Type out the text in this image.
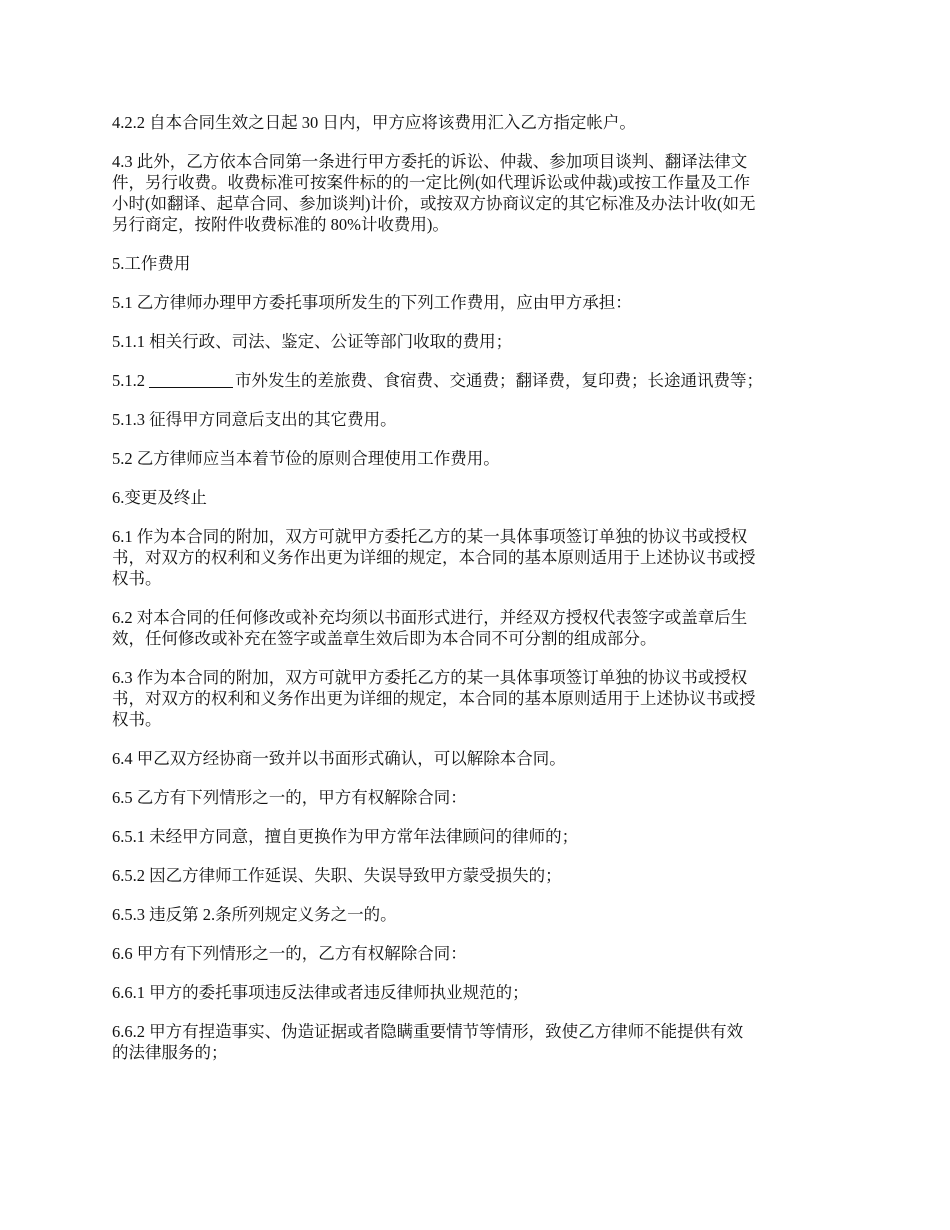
4.2.2 自本合同生效之日起 30 日内，甲方应将该费用汇入乙方指定帐户。

4.3 此外，乙方依本合同第一条进行甲方委托的诉讼、仲裁、参加项目谈判、翻译法律文
件，另行收费。收费标准可按案件标的的一定比例(如代理诉讼或仲裁)或按工作量及工作
小时(如翻译、起草合同、参加谈判)计价，或按双方协商议定的其它标准及办法计收(如无
另行商定，按附件收费标准的 80%计收费用)。

5.工作费用

5.1 乙方律师办理甲方委托事项所发生的下列工作费用，应由甲方承担：

5.1.1 相关行政、司法、鉴定、公证等部门收取的费用；

5.1.2	市外发生的差旅费、食宿费、交通费；翻译费，复印费；长途通讯费等；

5.1.3 征得甲方同意后支出的其它费用。

5.2 乙方律师应当本着节俭的原则合理使用工作费用。

6.变更及终止

6.1 作为本合同的附加，双方可就甲方委托乙方的某一具体事项签订单独的协议书或授权
书，对双方的权利和义务作出更为详细的规定，本合同的基本原则适用于上述协议书或授
权书。

6.2 对本合同的任何修改或补充均须以书面形式进行，并经双方授权代表签字或盖章后生
效，任何修改或补充在签字或盖章生效后即为本合同不可分割的组成部分。

6.3 作为本合同的附加，双方可就甲方委托乙方的某一具体事项签订单独的协议书或授权
书，对双方的权利和义务作出更为详细的规定，本合同的基本原则适用于上述协议书或授
权书。

6.4 甲乙双方经协商一致并以书面形式确认，可以解除本合同。

6.5 乙方有下列情形之一的，甲方有权解除合同：

6.5.1 未经甲方同意，擅自更换作为甲方常年法律顾问的律师的；

6.5.2 因乙方律师工作延误、失职、失误导致甲方蒙受损失的；

6.5.3 违反第 2.条所列规定义务之一的。

6.6 甲方有下列情形之一的，乙方有权解除合同：

6.6.1 甲方的委托事项违反法律或者违反律师执业规范的；

6.6.2 甲方有捏造事实、伪造证据或者隐瞒重要情节等情形，致使乙方律师不能提供有效
的法律服务的；
